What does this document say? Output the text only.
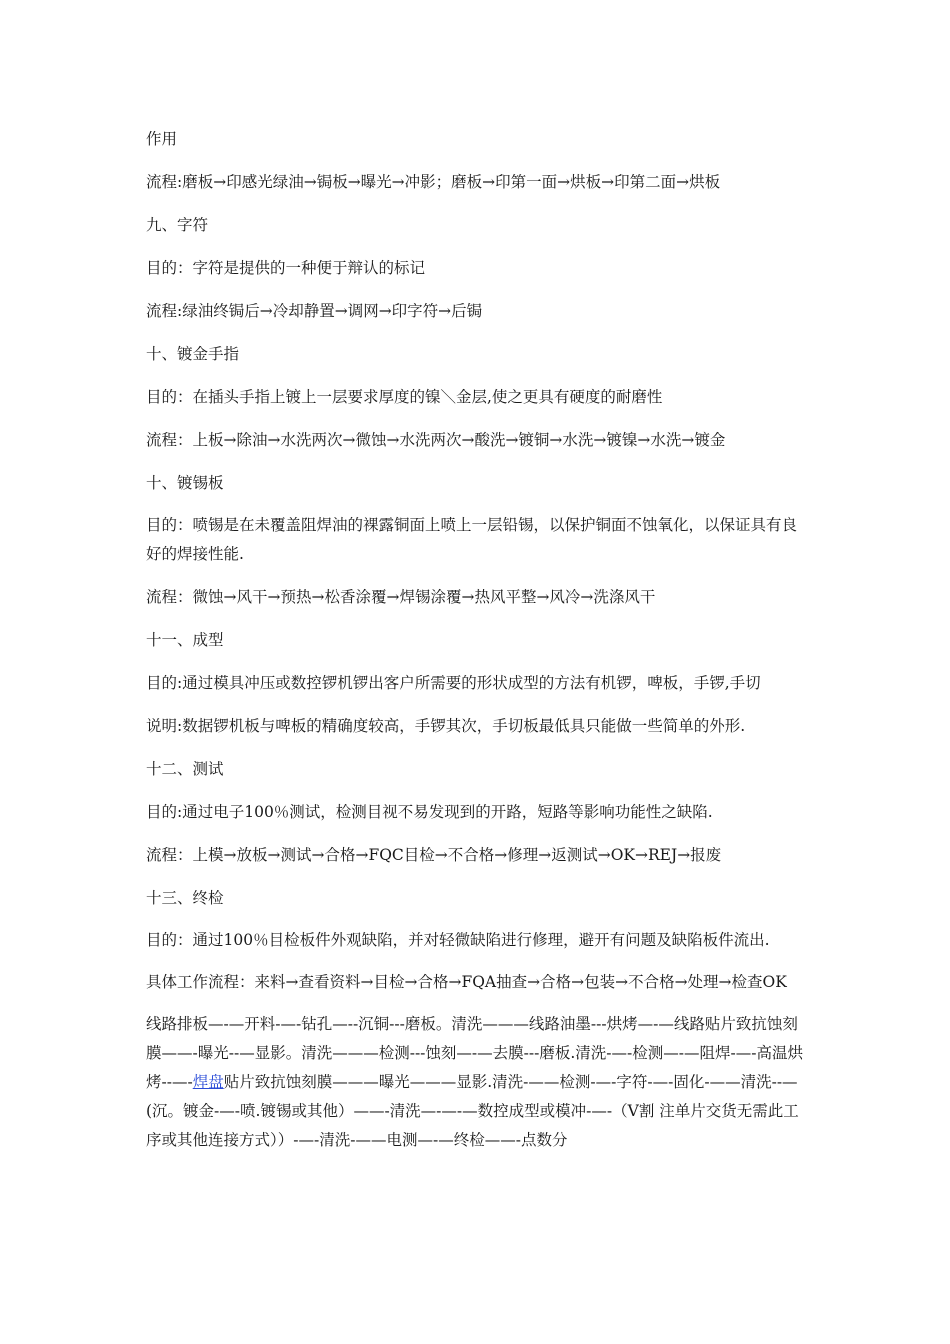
作用

流程:磨板→印感光绿油→锔板→曝光→冲影；磨板→印第一面→烘板→印第二面→烘板

九、字符

目的：字符是提供的一种便于辩认的标记

流程:绿油终锔后→冷却静置→调网→印字符→后锔

十、镀金手指

目的：在插头手指上镀上一层要求厚度的镍＼金层,使之更具有硬度的耐磨性

流程：上板→除油→水洗两次→微蚀→水洗两次→酸洗→镀铜→水洗→镀镍→水洗→镀金

十、镀锡板

目的：喷锡是在未覆盖阻焊油的裸露铜面上喷上一层铅锡，以保护铜面不蚀氧化，以保证具有良好的焊接性能.

流程：微蚀→风干→预热→松香涂覆→焊锡涂覆→热风平整→风冷→洗涤风干

十一、成型

目的:通过模具冲压或数控锣机锣出客户所需要的形状成型的方法有机锣，啤板，手锣,手切

说明:数据锣机板与啤板的精确度较高，手锣其次，手切板最低具只能做一些简单的外形.

十二、测试

目的:通过电子100％测试，检测目视不易发现到的开路，短路等影响功能性之缺陷.

流程：上模→放板→测试→合格→FQC目检→不合格→修理→返测试→OK→REJ→报废

十三、终检

目的：通过100％目检板件外观缺陷，并对轻微缺陷进行修理，避开有问题及缺陷板件流出.

具体工作流程：来料→查看资料→目检→合格→FQA抽查→合格→包装→不合格→处理→检查OK

线路排板—-—开料-—-钻孔—--沉铜---磨板。清洗———线路油墨---烘烤—-—线路贴片致抗蚀刻膜——-曝光--—显影。清洗———检测---蚀刻—-—去膜---磨板.清洗-—-检测—-—阻焊-—-高温烘烤--—-焊盘贴片致抗蚀刻膜———曝光———显影.清洗-——检测-—-字符-—-固化-——清洗--—(沉。镀金-—-喷.镀锡或其他）——-清洗—-—-—数控成型或模冲-—-（V割 注单片交货无需此工序或其他连接方式））-—-清洗-——电测—-—终检——-点数分
